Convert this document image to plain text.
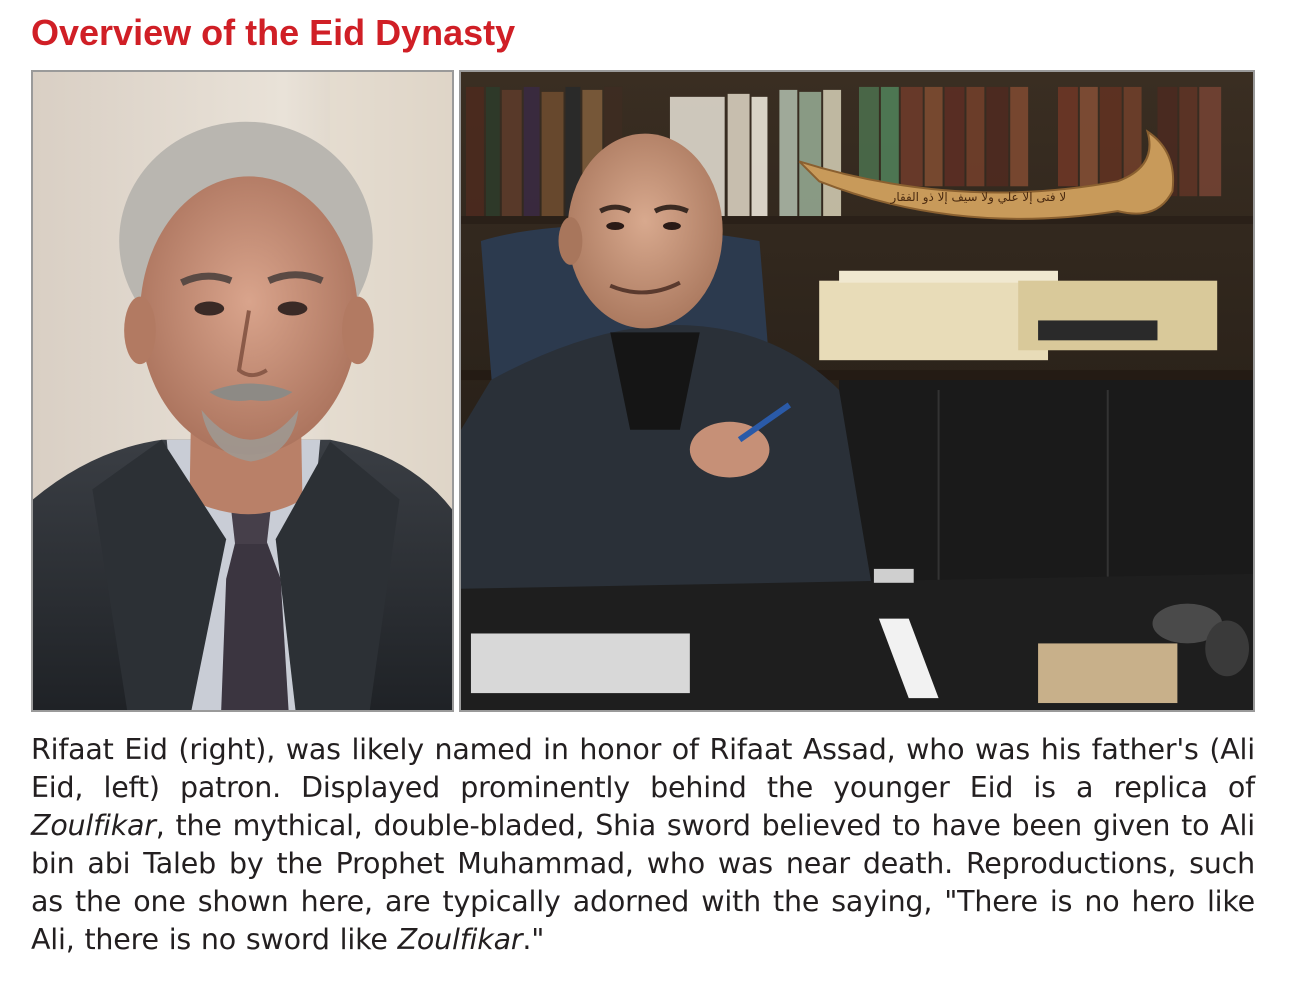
Overview of the Eid Dynasty
لا فتى إلا علي ولا سيف إلا ذو الفقار

Rifaat Eid (right), was likely named in honor of Rifaat Assad, who was his father's (Ali Eid, left) patron. Displayed prominently behind the younger Eid is a replica of Zoulfikar, the mythical, double-bladed, Shia sword believed to have been given to Ali bin abi Taleb by the Prophet Muhammad, who was near death. Reproductions, such as the one shown here, are typically adorned with the saying, "There is no hero like Ali, there is no sword like Zoulfikar."
